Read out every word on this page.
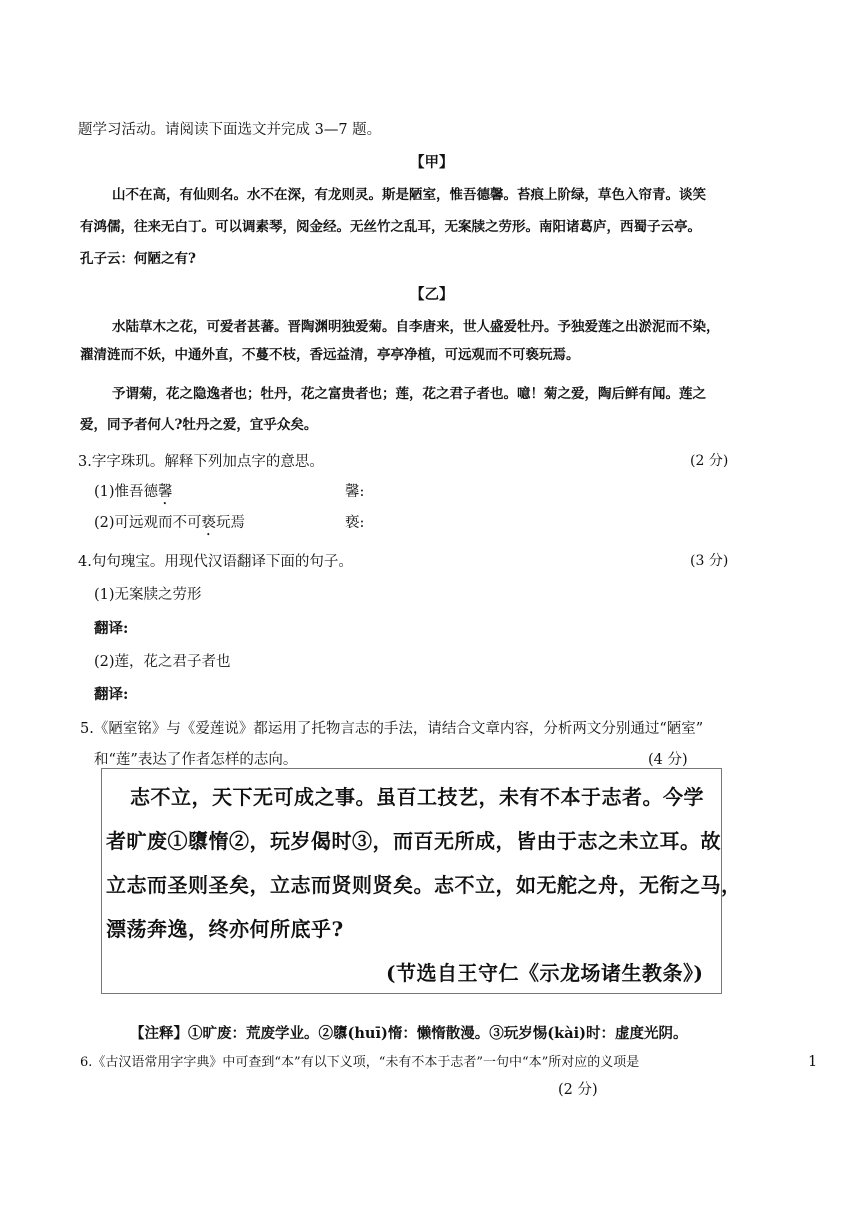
题学习活动。请阅读下面选文并完成 3—7 题。
【甲】
山不在高，有仙则名。水不在深，有龙则灵。斯是陋室，惟吾德馨。苔痕上阶绿，草色入帘青。谈笑
有鸿儒，往来无白丁。可以调素琴，阅金经。无丝竹之乱耳，无案牍之劳形。南阳诸葛庐，西蜀子云亭。
孔子云：何陋之有?
【乙】
水陆草木之花，可爱者甚蕃。晋陶渊明独爱菊。自李唐来，世人盛爱牡丹。予独爱莲之出淤泥而不染，
濯清涟而不妖，中通外直，不蔓不枝，香远益清，亭亭净植，可远观而不可亵玩焉。
予谓菊，花之隐逸者也；牡丹，花之富贵者也；莲，花之君子者也。噫！菊之爱，陶后鲜有闻。莲之
爱，同予者何人?牡丹之爱，宜乎众矣。
3.字字珠玑。解释下列加点字的意思。	(2 分)
(1)惟吾德馨	馨:
(2)可远观而不可亵玩焉	亵:
4.句句瑰宝。用现代汉语翻译下面的句子。	(3 分)
(1)无案牍之劳形
翻译:
(2)莲，花之君子者也
翻译:
5.《陋室铭》与《爱莲说》都运用了托物言志的手法，请结合文章内容，分析两文分别通过“陋室”
和“莲”表达了作者怎样的志向。	(4 分)
志不立，天下无可成之事。虽百工技艺，未有不本于志者。今学
者旷废①隳惰②，玩岁偈时③，而百无所成，皆由于志之未立耳。故
立志而圣则圣矣，立志而贤则贤矣。志不立，如无舵之舟，无衔之马，
漂荡奔逸，终亦何所底乎?
(节选自王守仁《示龙场诸生教条》)
【注释】①旷废：荒废学业。②隳(huī)惰：懒惰散漫。③玩岁惕(kài)时：虚度光阴。
6.《古汉语常用字字典》中可查到“本”有以下义项，“未有不本于志者”一句中“本”所对应的义项是
(2 分)
1
